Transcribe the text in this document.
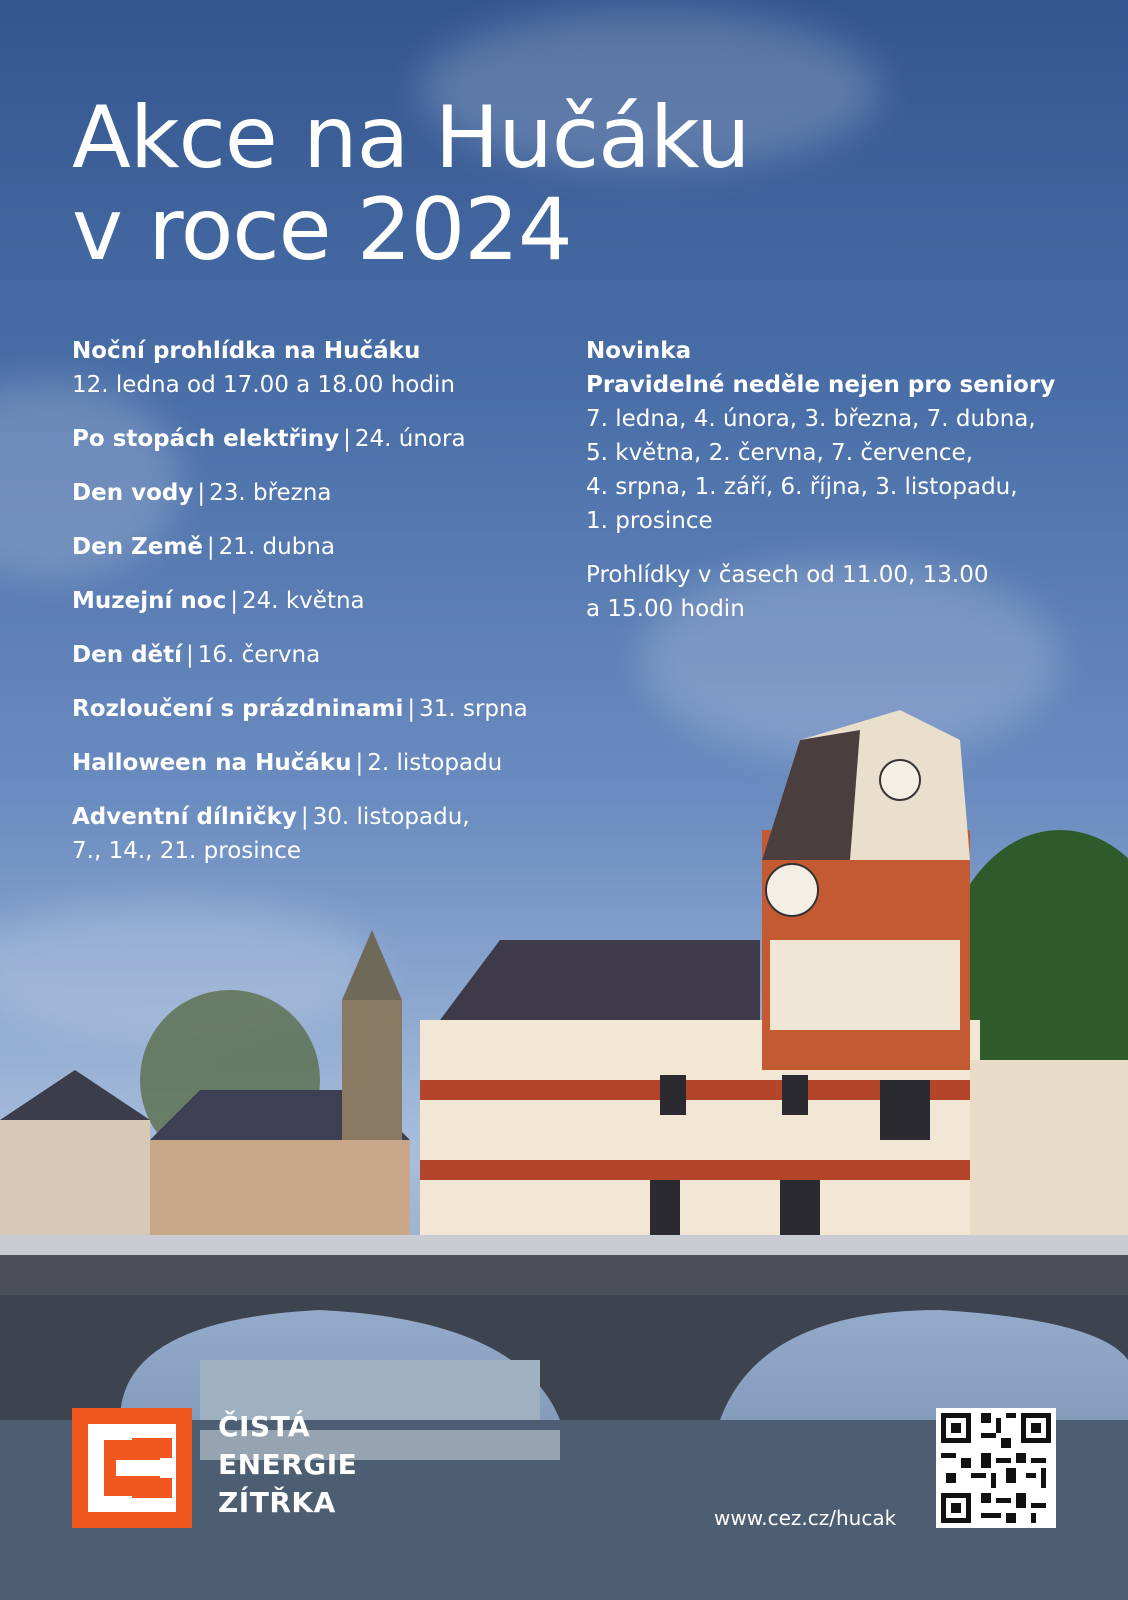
Akce na Hučáku
v roce 2024
Noční prohlídka na Hučáku
12. ledna od 17.00 a 18.00 hodin
Po stopách elektřiny | 24. února
Den vody | 23. března
Den Země | 21. dubna
Muzejní noc | 24. května
Den dětí | 16. června
Rozloučení s prázdninami | 31. srpna
Halloween na Hučáku | 2. listopadu
Adventní dílničky | 30. listopadu,
7., 14., 21. prosince
Novinka
Pravidelné neděle nejen pro seniory
7. ledna, 4. února, 3. března, 7. dubna,
5. května, 2. června, 7. července,
4. srpna, 1. září, 6. října, 3. listopadu,
1. prosince
Prohlídky v časech od 11.00, 13.00
a 15.00 hodin
ČISTÁ
ENERGIE
ZÍTŘKA	www.cez.cz/hucak
